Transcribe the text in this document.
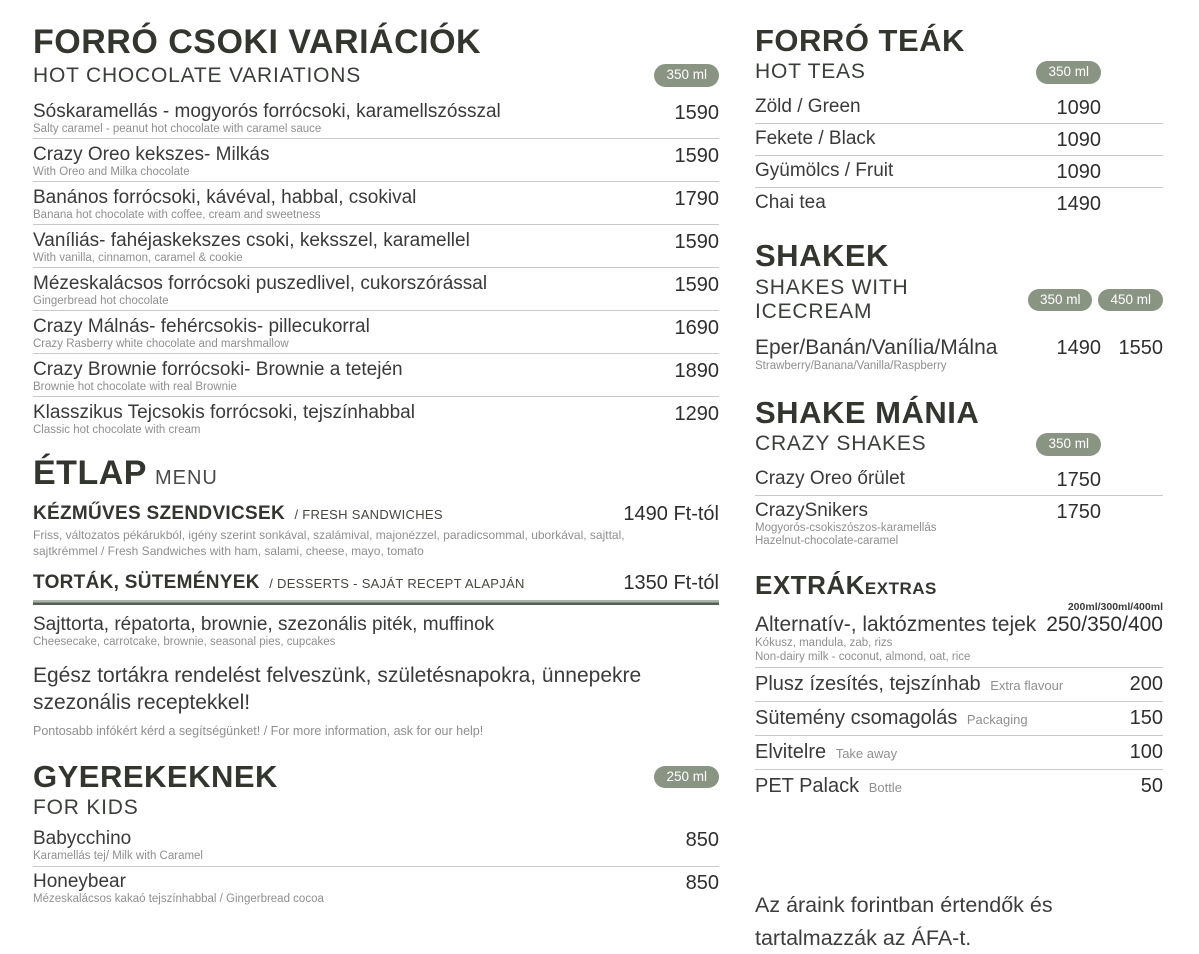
FORRÓ CSOKI VARIÁCIÓK
HOT CHOCOLATE VARIATIONS	350 ml
Sóskaramellás - mogyorós forrócsoki, karamellszósszal
Salty caramel - peanut hot chocolate with caramel sauce
1590
Crazy Oreo kekszes- Milkás
With Oreo and Milka chocolate
1590
Banános forrócsoki, kávéval, habbal, csokival
Banana hot chocolate with coffee, cream and sweetness
1790
Vaníliás- fahéjaskekszes csoki, keksszel, karamellel
With vanilla, cinnamon, caramel & cookie
1590
Mézeskalácsos forrócsoki puszedlivel, cukorszórással
Gingerbread hot chocolate
1590
Crazy Málnás- fehércsokis- pillecukorral
Crazy Rasberry white chocolate and marshmallow
1690
Crazy Brownie forrócsoki- Brownie a tetején
Brownie hot chocolate with real Brownie
1890
Klasszikus Tejcsokis forrócsoki, tejszínhabbal
Classic hot chocolate with cream
1290
ÉTLAP MENU
KÉZMŰVES SZENDVICSEK / FRESH SANDWICHES	1490 Ft-tól
Friss, változatos pékárukból, igény szerint sonkával, szalámival, majonézzel, paradicsommal, uborkával, sajttal, sajtkrémmel / Fresh Sandwiches with ham, salami, cheese, mayo, tomato
TORTÁK, SÜTEMÉNYEK / DESSERTS - SAJÁT RECEPT ALAPJÁN	1350 Ft-tól
Sajttorta, répatorta, brownie, szezonális piték, muffinok
Cheesecake, carrotcake, brownie, seasonal pies, cupcakes
Egész tortákra rendelést felveszünk, születésnapokra, ünnepekre szezonális receptekkel!
Pontosabb infókért kérd a segítségünket! / For more information, ask for our help!
GYEREKEKNEK	250 ml
FOR KIDS
Babycchino
Karamellás tej/ Milk with Caramel
850
Honeybear
Mézeskalácsos kakaó tejszínhabbal / Gingerbread cocoa
850
FORRÓ TEÁK
HOT TEAS	350 ml
Zöld / Green	1090
Fekete / Black	1090
Gyümölcs / Fruit	1090
Chai tea	1490
SHAKEK
SHAKES WITH ICECREAM
350 ml	450 ml
Eper/Banán/Vanília/Málna
Strawberry/Banana/Vanilla/Raspberry
1490 1550
SHAKE MÁNIA
CRAZY SHAKES	350 ml
Crazy Oreo őrület	1750
CrazySnikers
Mogyorós-csokiszószos-karamellás
Hazelnut-chocolate-caramel
1750
EXTRÁKEXTRAS
200ml/300ml/400ml
Alternatív-, laktózmentes tejek
Kókusz, mandula, zab, rizs
Non-dairy milk - coconut, almond, oat, rice
250/350/400
Plusz ízesítés, tejszínhab Extra flavour	200
Sütemény csomagolás Packaging	150
Elvitelre Take away	100
PET Palack Bottle	50
Az áraink forintban értendők és tartalmazzák az ÁFA-t.
